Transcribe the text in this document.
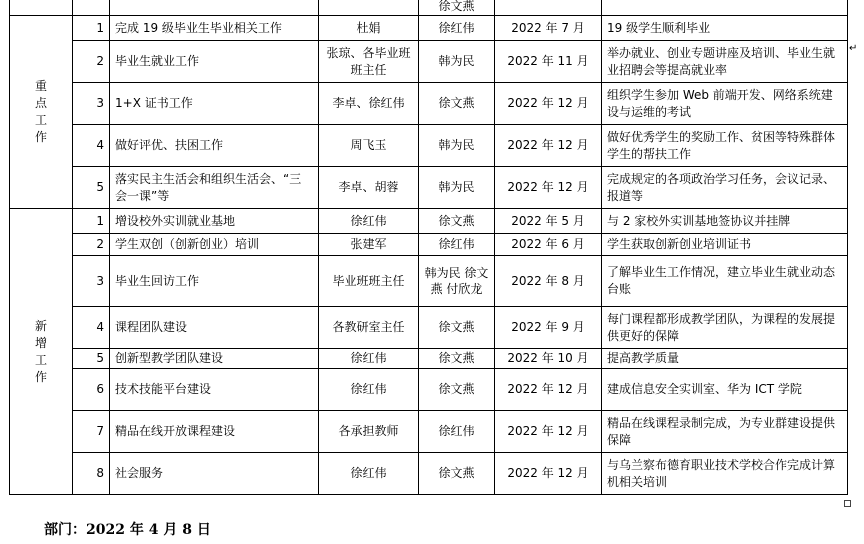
				徐文燕		
重点工作	1	完成 19 级毕业生毕业相关工作	杜娟	徐红伟	2022 年 7 月	19 级学生顺利毕业
	2	毕业生就业工作	张琼、各毕业班班主任	韩为民	2022 年 11 月	举办就业、创业专题讲座及培训、毕业生就业招聘会等提高就业率
	3	1+X 证书工作	李卓、徐红伟	徐文燕	2022 年 12 月	组织学生参加 Web 前端开发、网络系统建设与运维的考试
	4	做好评优、扶困工作	周飞玉	韩为民	2022 年 12 月	做好优秀学生的奖励工作、贫困等特殊群体学生的帮扶工作
	5	落实民主生活会和组织生活会、“三会一课”等	李卓、胡蓉	韩为民	2022 年 12 月	完成规定的各项政治学习任务，会议记录、报道等
新增工作	1	增设校外实训就业基地	徐红伟	徐文燕	2022 年 5 月	与 2 家校外实训基地签协议并挂牌
	2	学生双创（创新创业）培训	张建军	徐红伟	2022 年 6 月	学生获取创新创业培训证书
	3	毕业生回访工作	毕业班班主任	韩为民 徐文燕 付欣龙	2022 年 8 月	了解毕业生工作情况，建立毕业生就业动态台账
	4	课程团队建设	各教研室主任	徐文燕	2022 年 9 月	每门课程都形成教学团队，为课程的发展提供更好的保障
	5	创新型教学团队建设	徐红伟	徐文燕	2022 年 10 月	提高教学质量
	6	技术技能平台建设	徐红伟	徐文燕	2022 年 12 月	建成信息安全实训室、华为 ICT 学院
	7	精品在线开放课程建设	各承担教师	徐红伟	2022 年 12 月	精品在线课程录制完成，为专业群建设提供保障
	8	社会服务	徐红伟	徐文燕	2022 年 12 月	与乌兰察布德育职业技术学校合作完成计算机相关培训
部门：2022 年 4 月 8 日
↵
